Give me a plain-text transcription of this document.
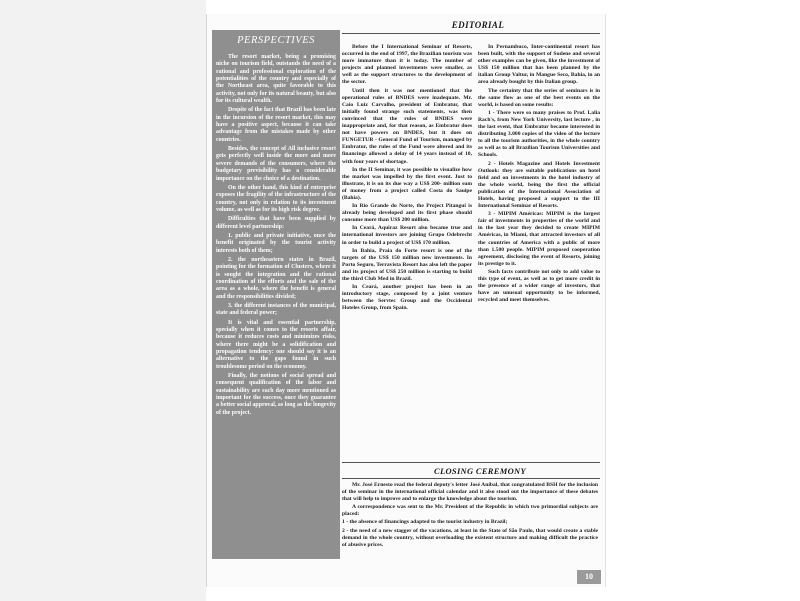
PERSPECTIVES

The resort market, being a promising niche on tourism field, outstands the need of a rational and professional exploration of the potentialities of the country and especially of the Northeast area, quite favorable to this activity, not only for its natural beauty, but also for its cultural wealth.

Despite of the fact that Brazil has been late in the incursion of the resort market, this may have a positive aspect, because it can take advantage from the mistakes made by other countries.

Besides, the concept of All inclusive resort gets perfectly well inside the more and more severe demands of the consumers, where the budgetary previsibility has a considerable importance on the choice of a destination.

On the other hand, this kind of enterprise exposes the fragility of the infrastructure of the country, not only in relation to its investment volume, as well as for its high risk degree.

Difficulties that have been supplied by different level partnership:

1. public and private initiative, once the benefit originated by the tourist activity interests both of them;

2. the northeastern states in Brazil, pointing for the formation of Clusters, where it is sought the integration and the rational coordination of the efforts and the sale of the area as a whole, where the benefit is general and the responsibilities divided;

3. the different instances of the municipal, state and federal power;

It is vital and essential partnership, specially when it comes to the resorts affair, because it reduces costs and minimizes risks, where there might be a solidification and propagation tendency: one should say it is an alternative to the gaps found in such troublesome period on the economy.

Finally, the notions of social spread and consequent qualification of the labor and sustainability are each day more mentioned as important for the success, once they guarantee a better social approval, as long as the longevity of the project.

EDITORIAL

Before the I International Seminar of Resorts, occurred in the end of 1997, the Brazilian tourism was more immature than it is today. The number of projects and planned investments were smaller, as well as the support structures to the development of the sector.

Until then it was not mentioned that the operational rules of BNDES were inadequate. Mr. Caio Luiz Carvalho, president of Embratur, that initially found strange such statements, was then convinced that the rules of BNDES were inappropriate and, for that reason, as Embratur does not have powers on BNDES, but it does on FUNGETUR - General Fund of Tourism, managed by Embratur, the rules of the Fund were altered and its financings allowed a delay of 14 years instead of 10, with four years of shortage.

In the II Seminar, it was possible to visualize how the market was impelled by the first event. Just to illustrate, it is on its due way a US$ 200- million sum of money from a project called Costa do Sauipe (Bahia).

In Rio Grande do Norte, the Project Pitangui is already being developed and its first phase should consume more than US$ 200 million.

In Ceará, Aquiraz Resort also became true and international investors are joining Grupo Odebrecht in order to build a project of US$ 170 million.

In Bahia, Praia do Forte resort is one of the targets of the US$ 150 million new investments. In Porto Seguro, Terravista Resort has also left the paper and its project of US$ 250 million is starting to build the third Club Med in Brazil.

In Ceará, another project has been in an introductory stage, composed by a joint venture between the Servtec Group and the Occidental Hoteles Group, from Spain.

In Pernambuco, Inter-continental resort has been built, with the support of Sudene and several other examples can be given, like the investment of US$ 150 million that has been planned by the italian Group Valtur, in Mangue Seco, Bahia, in an area already bought by this Italian group.

The certainty that the series of seminars is in the same flow as one of the best events on the world, is based on some results:

1 - There were so many praises to Prof. Lalia Rach's, from New York University, last lecture , in the last event, that Embratur became interested in distributing 3.000 copies of the video of the lecture to all the tourism authorities, in the whole country as well as to all Brazilian Tourism Universities and Schools.

2 - Hotels Magazine and Hotels Investment Outlook: they are suitable publications on hotel field and on investments in the hotel industry of the whole world, being the first the official publication of the International Association of Hotels, having proposed a support to the III International Seminar of Resorts.

3 - MIPIM Américas: MIPIM is the largest fair of investments in properties of the world and in the last year they decided to create MIPIM Américas, in Miami, that attracted investors of all the countries of America with a public of more than 1.500 people. MIPIM proposed cooperation agreement, disclosing the event of Resorts, joining its prestige to it.

Such facts contribute not only to add value to this type of event, as well as to get more credit in the presence of a wider range of investors, that have an unusual opportunity to be informed, recycled and meet themselves.

CLOSING CEREMONY

Mr. José Ernesto read the federal deputy's letter José Aníbal, that congratulated BSH for the inclusion of the seminar in the international official calendar and it also stood out the importance of these debates that will help to improve and to enlarge the knowledge about the tourism.

A correspondence was sent to the Mr. President of the Republic in which two primordial subjects are placed:

1 - the absence of financings adapted to the tourist industry in Brazil;

2 - the need of a new stagger of the vacations, at least in the State of São Paulo, that would create a stable demand in the whole country, without overloading the existent structure and making difficult the practice of abusive prices.

10
